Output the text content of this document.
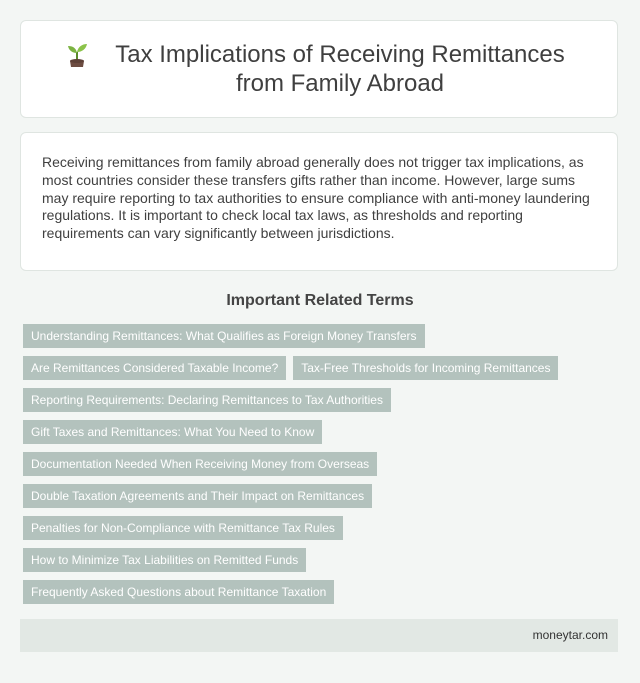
Tax Implications of Receiving Remittances from Family Abroad

Receiving remittances from family abroad generally does not trigger tax implications, as most countries consider these transfers gifts rather than income. However, large sums may require reporting to tax authorities to ensure compliance with anti-money laundering regulations. It is important to check local tax laws, as thresholds and reporting requirements can vary significantly between jurisdictions.

Important Related Terms
Understanding Remittances: What Qualifies as Foreign Money Transfers
Are Remittances Considered Taxable Income?	Tax-Free Thresholds for Incoming Remittances
Reporting Requirements: Declaring Remittances to Tax Authorities
Gift Taxes and Remittances: What You Need to Know
Documentation Needed When Receiving Money from Overseas
Double Taxation Agreements and Their Impact on Remittances
Penalties for Non-Compliance with Remittance Tax Rules
How to Minimize Tax Liabilities on Remitted Funds
Frequently Asked Questions about Remittance Taxation
moneytar.com
